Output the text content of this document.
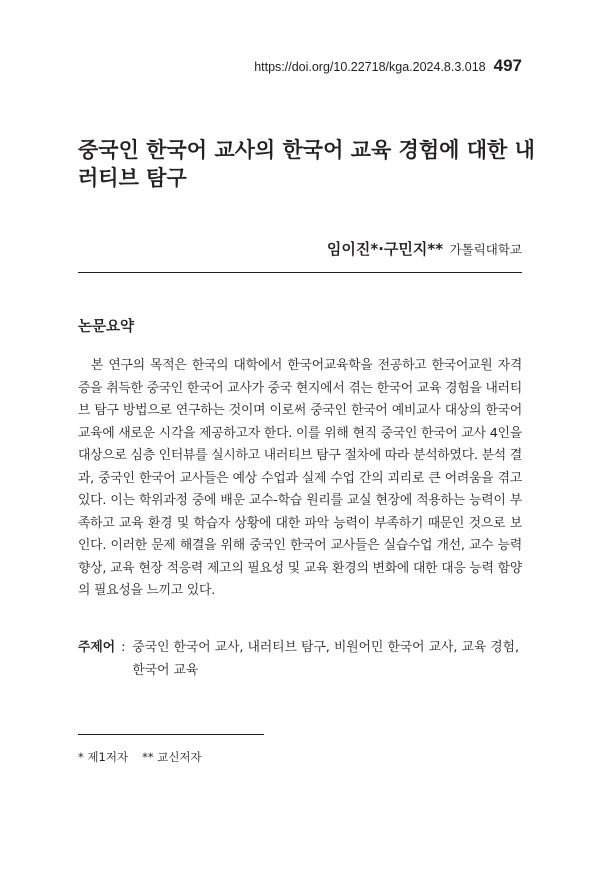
https://doi.org/10.22718/kga.2024.8.3.018 497
중국인 한국어 교사의 한국어 교육 경험에 대한 내러티브 탐구
임이진*·구민지** 가톨릭대학교
논문요약

본 연구의 목적은 한국의 대학에서 한국어교육학을 전공하고 한국어교원 자격증을 취득한 중국인 한국어 교사가 중국 현지에서 겪는 한국어 교육 경험을 내러티브 탐구 방법으로 연구하는 것이며 이로써 중국인 한국어 예비교사 대상의 한국어교육에 새로운 시각을 제공하고자 한다. 이를 위해 현직 중국인 한국어 교사 4인을 대상으로 심층 인터뷰를 실시하고 내러티브 탐구 절차에 따라 분석하였다. 분석 결과, 중국인 한국어 교사들은 예상 수업과 실제 수업 간의 괴리로 큰 어려움을 겪고 있다. 이는 학위과정 중에 배운 교수-학습 원리를 교실 현장에 적용하는 능력이 부족하고 교육 환경 및 학습자 상황에 대한 파악 능력이 부족하기 때문인 것으로 보인다. 이러한 문제 해결을 위해 중국인 한국어 교사들은 실습수업 개선, 교수 능력 향상, 교육 현장 적응력 제고의 필요성 및 교육 환경의 변화에 대한 대응 능력 함양의 필요성을 느끼고 있다.

주제어 : 중국인 한국어 교사, 내러티브 탐구, 비원어민 한국어 교사, 교육 경험, 한국어 교육
* 제1저자 ** 교신저자
